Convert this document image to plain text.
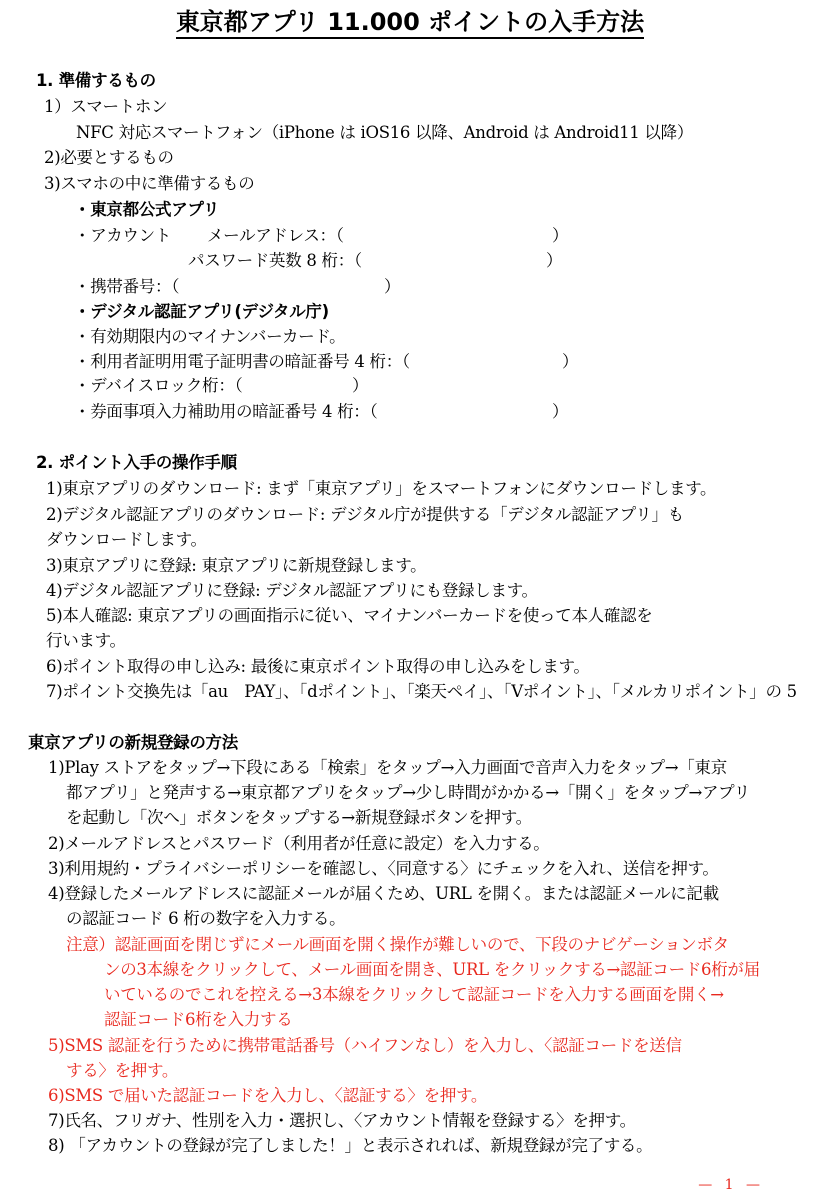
東京都アプリ 11.000 ポイントの入手方法
1. 準備するもの
1）スマートホン
NFC 対応スマートフォン（iPhone は iOS16 以降、Android は Android11 以降）
2)必要とするもの
3)スマホの中に準備するもの
・東京都公式アプリ
・アカウント メールアドレス：（	）
パスワード英数 8 桁：（	）
・携帯番号：（	）
・デジタル認証アプリ(デジタル庁)
・有効期限内のマイナンバーカード。
・利用者証明用電子証明書の暗証番号 4 桁：（	）
・デバイスロック桁：（	）
・券面事項入力補助用の暗証番号 4 桁：（	）
2. ポイント入手の操作手順
1)東京アプリのダウンロード: まず「東京アプリ」をスマートフォンにダウンロードします。
2)デジタル認証アプリのダウンロード: デジタル庁が提供する「デジタル認証アプリ」も
ダウンロードします。
3)東京アプリに登録: 東京アプリに新規登録します。
4)デジタル認証アプリに登録: デジタル認証アプリにも登録します。
5)本人確認: 東京アプリの画面指示に従い、マイナンバーカードを使って本人確認を
行います。
6)ポイント取得の申し込み: 最後に東京ポイント取得の申し込みをします。
7)ポイント交換先は「au　PAY」、「dポイント」、「楽天ペイ」、「Vポイント」、「メルカリポイント」の 5
東京アプリの新規登録の方法
1)Play ストアをタップ→下段にある「検索」をタップ→入力画面で音声入力をタップ→「東京
都アプリ」と発声する→東京都アプリをタップ→少し時間がかかる→「開く」をタップ→アプリ
を起動し「次へ」ボタンをタップする→新規登録ボタンを押す。
2)メールアドレスとパスワード（利用者が任意に設定）を入力する。
3)利用規約・プライバシーポリシーを確認し、〈同意する〉にチェックを入れ、送信を押す。
4)登録したメールアドレスに認証メールが届くため、URL を開く。または認証メールに記載
の認証コード 6 桁の数字を入力する。
注意）認証画面を閉じずにメール画面を開く操作が難しいので、下段のナビゲーションボタ
ンの3本線をクリックして、メール画面を開き、URL をクリックする→認証コード6桁が届
いているのでこれを控える→3本線をクリックして認証コードを入力する画面を開く→
認証コード6桁を入力する
5)SMS 認証を行うために携帯電話番号（ハイフンなし）を入力し、〈認証コードを送信
する〉を押す。
6)SMS で届いた認証コードを入力し、〈認証する〉を押す。
7)氏名、フリガナ、性別を入力・選択し、〈アカウント情報を登録する〉を押す。
8) 「アカウントの登録が完了しました！」と表示されれば、新規登録が完了する。
— 1 —
